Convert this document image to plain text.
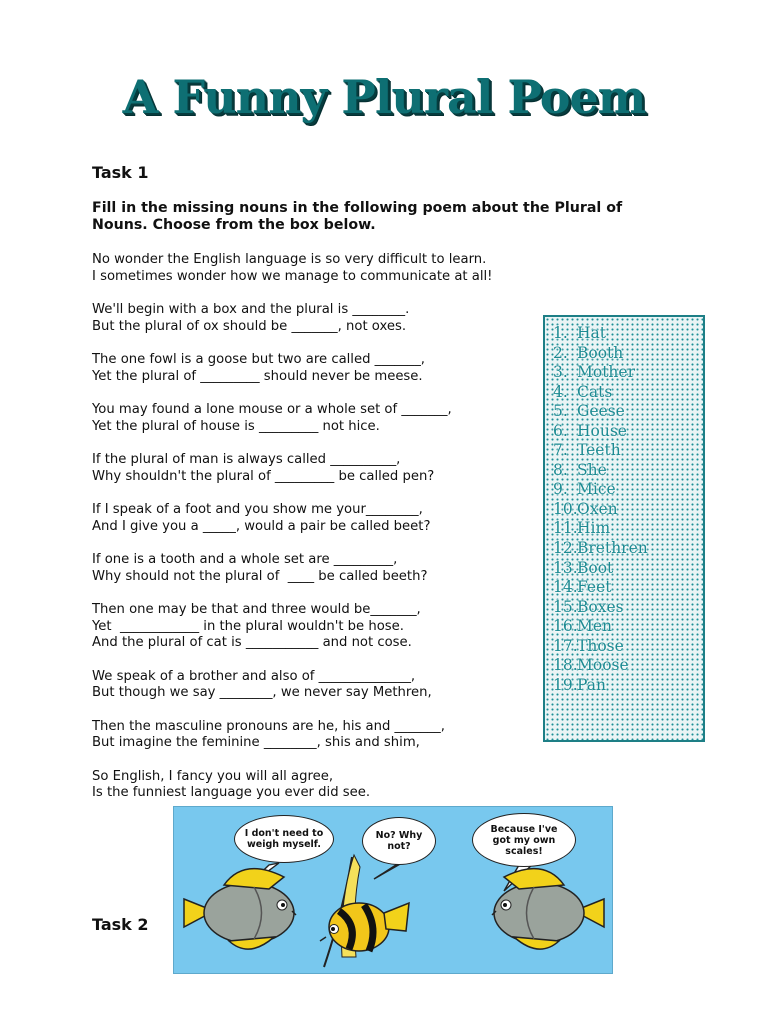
A Funny Plural Poem
Task 1
Fill in the missing nouns in the following poem about the Plural of Nouns. Choose from the box below.
No wonder the English language is so very difficult to learn.
I sometimes wonder how we manage to communicate at all!
We'll begin with a box and the plural is ________.
But the plural of ox should be _______, not oxes.
The one fowl is a goose but two are called _______,
Yet the plural of _________ should never be meese.
You may found a lone mouse or a whole set of _______,
Yet the plural of house is _________ not hice.
If the plural of man is always called __________,
Why shouldn't the plural of _________ be called pen?
If I speak of a foot and you show me your________,
And I give you a _____, would a pair be called beet?
If one is a tooth and a whole set are _________,
Why should not the plural of  ____ be called beeth?
Then one may be that and three would be_______,
Yet  ____________ in the plural wouldn't be hose.
And the plural of cat is ___________ and not cose.
We speak of a brother and also of ______________,
But though we say ________, we never say Methren,
Then the masculine pronouns are he, his and _______,
But imagine the feminine ________, shis and shim,
So English, I fancy you will all agree,
Is the funniest language you ever did see.
1. Hat
2. Booth
3. Mother
4. Cats
5. Geese
6. House
7. Teeth
8. She
9. Mice
10.Oxen
11.Him
12.Brethren
13.Boot
14.Feet
15.Boxes
16.Men
17.Those
18.Moose
19.Pan
I don't need to
weigh myself.
No? Why
not?
Because I've
got my own
scales!
Task 2
